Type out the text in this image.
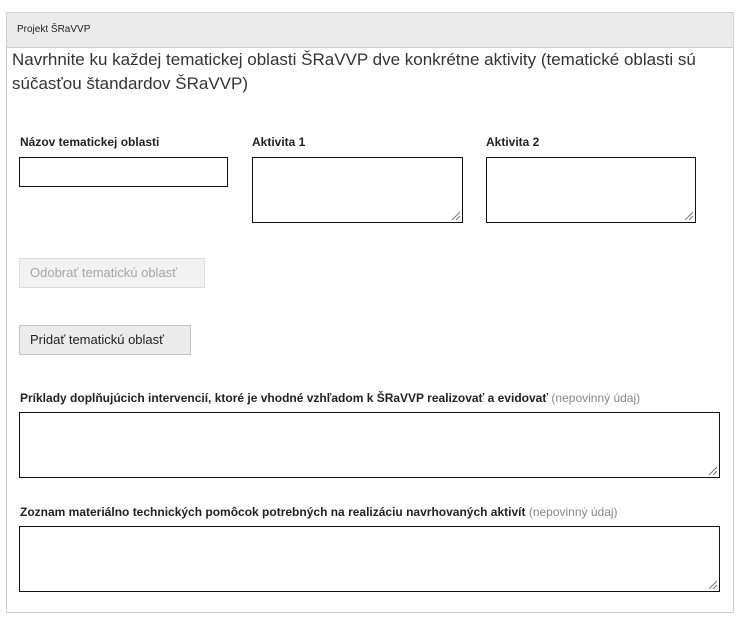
Projekt ŠRaVVP
Navrhnite ku každej tematickej oblasti ŠRaVVP dve konkrétne aktivity (tematické oblasti sú súčasťou štandardov ŠRaVVP)
Názov tematickej oblasti	Aktivita 1	Aktivita 2
Odobrať tematickú oblasť
Pridať tematickú oblasť
Príklady doplňujúcich intervencií, ktoré je vhodné vzhľadom k ŠRaVVP realizovať a evidovať (nepovinný údaj)
Zoznam materiálno technických pomôcok potrebných na realizáciu navrhovaných aktivít (nepovinný údaj)
